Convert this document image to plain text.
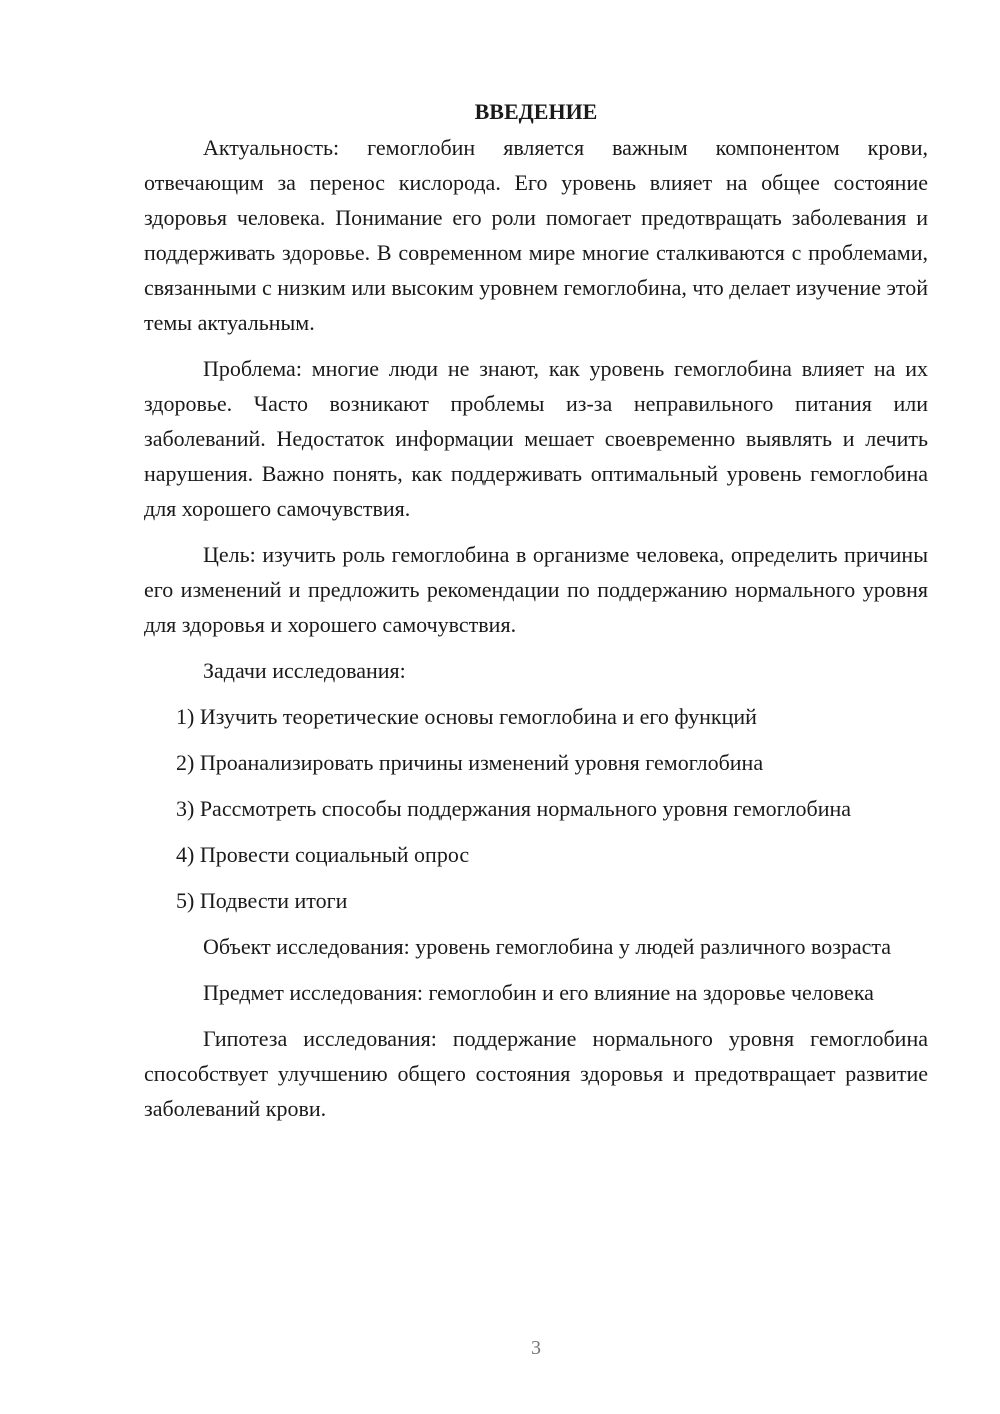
ВВЕДЕНИЕ

Актуальность: гемоглобин является важным компонентом крови, отвечающим за перенос кислорода. Его уровень влияет на общее состояние здоровья человека. Понимание его роли помогает предотвращать заболевания и поддерживать здоровье. В современном мире многие сталкиваются с проблемами, связанными с низким или высоким уровнем гемоглобина, что делает изучение этой темы актуальным.

Проблема: многие люди не знают, как уровень гемоглобина влияет на их здоровье. Часто возникают проблемы из-за неправильного питания или заболеваний. Недостаток информации мешает своевременно выявлять и лечить нарушения. Важно понять, как поддерживать оптимальный уровень гемоглобина для хорошего самочувствия.

Цель: изучить роль гемоглобина в организме человека, определить причины его изменений и предложить рекомендации по поддержанию нормального уровня для здоровья и хорошего самочувствия.

Задачи исследования:

1) Изучить теоретические основы гемоглобина и его функций

2) Проанализировать причины изменений уровня гемоглобина

3) Рассмотреть способы поддержания нормального уровня гемоглобина

4) Провести социальный опрос

5) Подвести итоги

Объект исследования: уровень гемоглобина у людей различного возраста

Предмет исследования: гемоглобин и его влияние на здоровье человека

Гипотеза исследования: поддержание нормального уровня гемоглобина способствует улучшению общего состояния здоровья и предотвращает развитие заболеваний крови.

3
